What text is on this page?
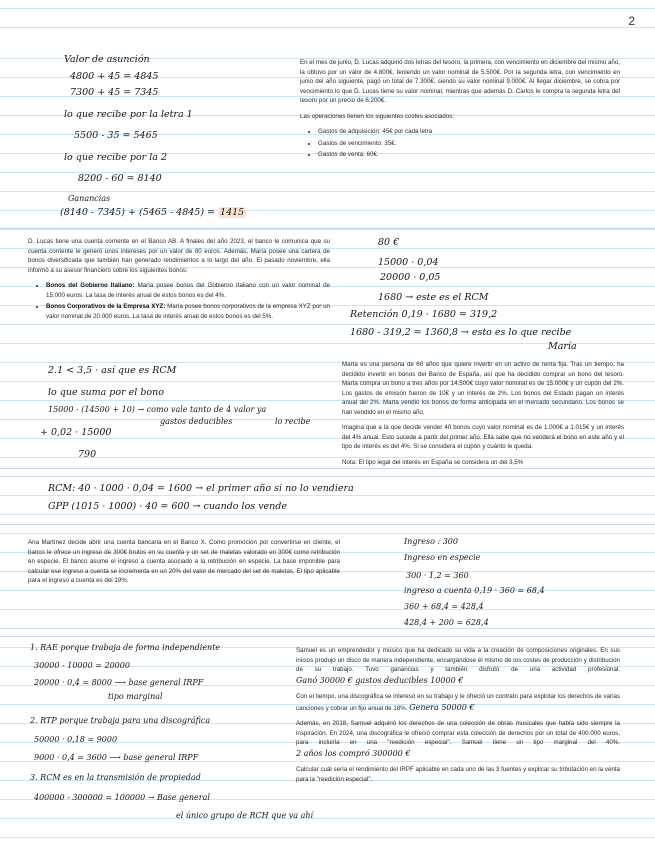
2
Valor de asunción
4800 + 45 = 4845
7300 + 45 = 7345
lo que recibe por la letra 1
5500 - 35 = 5465
lo que recibe por la 2
8200 - 60 = 8140
Ganancias
(8140 - 7345) + (5465 - 4845) = 1415

En el mes de junio, D. Lucas adquirió dos letras del tesoro, la primera, con vencimiento en diciembre del mismo año, la obtuvo por un valor de 4.800€, teniendo un valor nominal de 5.500€. Por la segunda letra, con vencimiento en junio del año siguiente, pagó un total de 7.300€, siendo su valor nominal 9.000€. Al llegar diciembre, se cobra por vencimiento lo que D. Lucas tiene su valor nominal, mientras que además D. Carlos le compra la segunda letra del tesoro por un precio de 8.200€.

Las operaciones tienen los siguientes costes asociados:

• Gastos de adquisición: 45€ por cada letra
• Gastos de vencimiento: 35€.
• Gastos de venta: 60€.

D. Lucas tiene una cuenta corriente en el Banco AB. A finales del año 2023, el banco le comunica que su cuenta corriente le generó unos intereses por un valor de 80 euros. Además, María posee una cartera de bonos diversificada que también han generado rendimientos a lo largo del año. El pasado noviembre, ella informó a su asesor financiero sobre los siguientes bonos:

• Bonos del Gobierno Italiano: María posee bonos del Gobierno Italiano con un valor nominal de 15.000 euros. La tasa de interés anual de estos bonos es del 4%.
• Bonos Corporativos de la Empresa XYZ: María posee bonos corporativos de la empresa XYZ por un valor nominal de 20.000 euros. La tasa de interés anual de estos bonos es del 5%.
80 €
15000 · 0,04
20000 · 0,05
1680 → este es el RCM
Retención 0,19 · 1680 = 319,2
1680 - 319,2 = 1360,8 → esto es lo que recibe
María
2.1 < 3,5 · así que es RCM
lo que suma por el bono
15000 - (14500 + 10) → como vale tanto de 4 valor ya
gastos deducibles	lo recibe
+ 0,02 · 15000
790

Marta es una persona de 60 años que quiere invertir en un activo de renta fija. Tras un tiempo, ha decidido invertir en bonos del Banco de España, así que ha decidido comprar un bono del tesoro. Marta compra un bono a tres años por 14.500€ cuyo valor nominal es de 15.000€ y un cupón del 2%. Los gastos de emisión fueron de 10€ y un interés de 2%. Los bonos del Estado pagan un interés anual del 2%. Marta vendió los bonos de forma anticipada en el mercado secundario. Los bonos se han vendido en el mismo año.

Imagina que a la que decide vender 40 bonos cuyo valor nominal es de 1.000€ a 1.015€ y un interés del 4% anual. Esto sucede a partir del primer año. Ella sabe que no venderá el bono en este año y el tipo de interés es del 4%. Si se considera el cupón y cuánto le queda.

Nota: El tipo legal del interés en España se considera un del 3,5%

RCM: 40 · 1000 · 0,04 = 1600 → el primer año si no lo vendiera
GPP (1015 · 1000) · 40 = 600 → cuando los vende

Ana Martínez decide abrir una cuenta bancaria en el Banco X. Como promoción por convertirse en cliente, el banco le ofrece un ingreso de 300€ brutos en su cuenta y un set de maletas valorado en 300€ como retribución en especie. El banco asume el ingreso a cuenta asociado a la retribución en especie. La base imponible para calcular ese ingreso a cuenta se incrementa en un 20% del valor de mercado del set de maletas. El tipo aplicable para el ingreso a cuenta es del 19%.

Ingreso : 300
Ingreso en especie
300 · 1,2 = 360
ingreso a cuenta 0,19 · 360 = 68,4
360 + 68,4 = 428,4
428,4 + 200 = 628,4
1. RAE porque trabaja de forma independiente
30000 - 10000 = 20000
20000 · 0,4 = 8000 ⟶ base general IRPF
tipo marginal
2. RTP porque trabaja para una discográfica
50000 · 0,18 = 9000
9000 · 0,4 = 3600 ⟶ base general IRPF
3. RCM es en la transmisión de propiedad
400000 - 300000 = 100000 → Base general
el único grupo de RCH que va ahí

Samuel es un emprendedor y músico que ha dedicado su vida a la creación de composiciones originales. En sus inicios produjo un disco de manera independiente, encargándose él mismo de los costes de producción y distribución de su trabajo. Tuvo ganancias y también disfrutó de una actividad profesional. Ganó 30000 € gastos deducibles 10000 €

Con el tiempo, una discográfica se interesó en su trabajo y le ofreció un contrato para explotar los derechos de varias canciones y cobrar un fijo anual de 18%. Genera 50000 €

Además, en 2018, Samuel adquirió los derechos de una colección de obras musicales que había sido siempre la inspiración. En 2024, una discográfica le ofreció comprar esta colección de derechos por un total de 400.000 euros, para incluirla en una "reedición especial". Samuel tiene un tipo marginal del 40%. 2 años los compró 300000 €

Calcular cuál sería el rendimiento del IRPF aplicable en cada uno de las 3 fuentes y explicar su tributación en la venta para la "reedición especial".
